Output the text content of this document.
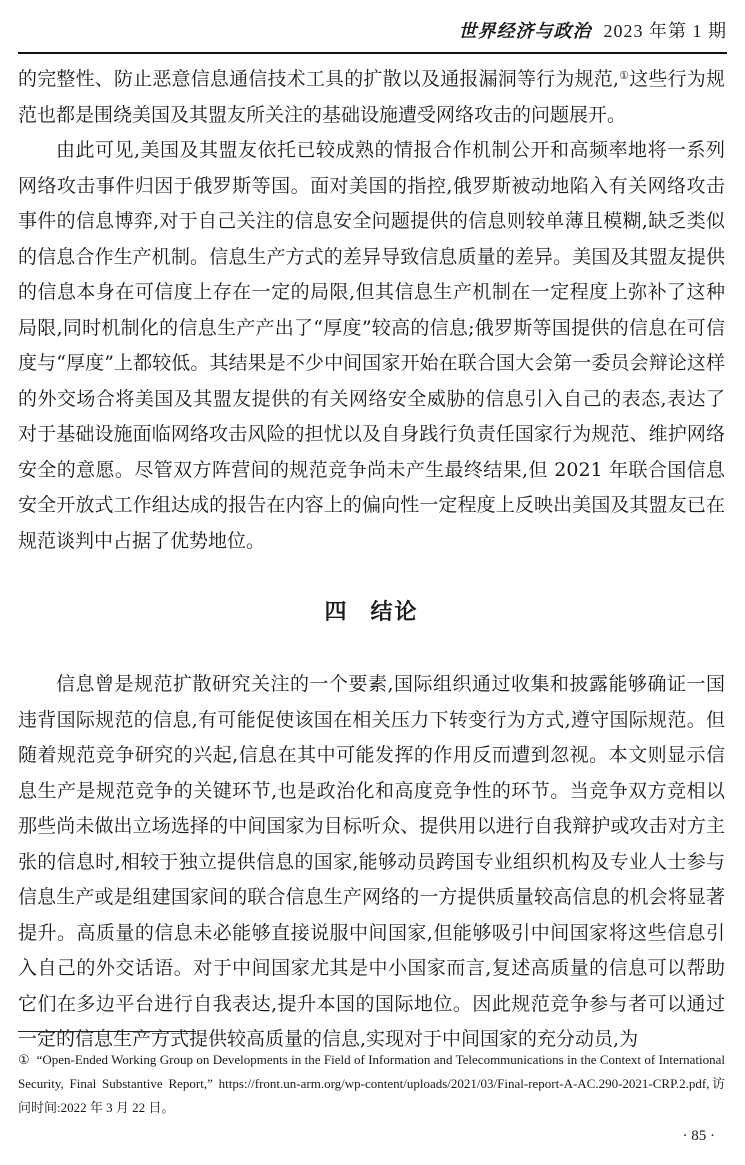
世界经济与政治 2023 年第 1 期

的完整性、防止恶意信息通信技术工具的扩散以及通报漏洞等行为规范,①这些行为规范也都是围绕美国及其盟友所关注的基础设施遭受网络攻击的问题展开。

由此可见,美国及其盟友依托已较成熟的情报合作机制公开和高频率地将一系列网络攻击事件归因于俄罗斯等国。面对美国的指控,俄罗斯被动地陷入有关网络攻击事件的信息博弈,对于自己关注的信息安全问题提供的信息则较单薄且模糊,缺乏类似的信息合作生产机制。信息生产方式的差异导致信息质量的差异。美国及其盟友提供的信息本身在可信度上存在一定的局限,但其信息生产机制在一定程度上弥补了这种局限,同时机制化的信息生产产出了“厚度”较高的信息;俄罗斯等国提供的信息在可信度与“厚度”上都较低。其结果是不少中间国家开始在联合国大会第一委员会辩论这样的外交场合将美国及其盟友提供的有关网络安全威胁的信息引入自己的表态,表达了对于基础设施面临网络攻击风险的担忧以及自身践行负责任国家行为规范、维护网络安全的意愿。尽管双方阵营间的规范竞争尚未产生最终结果,但 2021 年联合国信息安全开放式工作组达成的报告在内容上的偏向性一定程度上反映出美国及其盟友已在规范谈判中占据了优势地位。

四 结论

信息曾是规范扩散研究关注的一个要素,国际组织通过收集和披露能够确证一国违背国际规范的信息,有可能促使该国在相关压力下转变行为方式,遵守国际规范。但随着规范竞争研究的兴起,信息在其中可能发挥的作用反而遭到忽视。本文则显示信息生产是规范竞争的关键环节,也是政治化和高度竞争性的环节。当竞争双方竞相以那些尚未做出立场选择的中间国家为目标听众、提供用以进行自我辩护或攻击对方主张的信息时,相较于独立提供信息的国家,能够动员跨国专业组织机构及专业人士参与信息生产或是组建国家间的联合信息生产网络的一方提供质量较高信息的机会将显著提升。高质量的信息未必能够直接说服中间国家,但能够吸引中间国家将这些信息引入自己的外交话语。对于中间国家尤其是中小国家而言,复述高质量的信息可以帮助它们在多边平台进行自我表达,提升本国的国际地位。因此规范竞争参与者可以通过一定的信息生产方式提供较高质量的信息,实现对于中间国家的充分动员,为

① “Open-Ended Working Group on Developments in the Field of Information and Telecommunications in the Context of International Security, Final Substantive Report,” https://front.un-arm.org/wp-content/uploads/2021/03/Final-report-A-AC.290-2021-CRP.2.pdf,访问时间:2022 年 3 月 22 日。
· 85 ·
